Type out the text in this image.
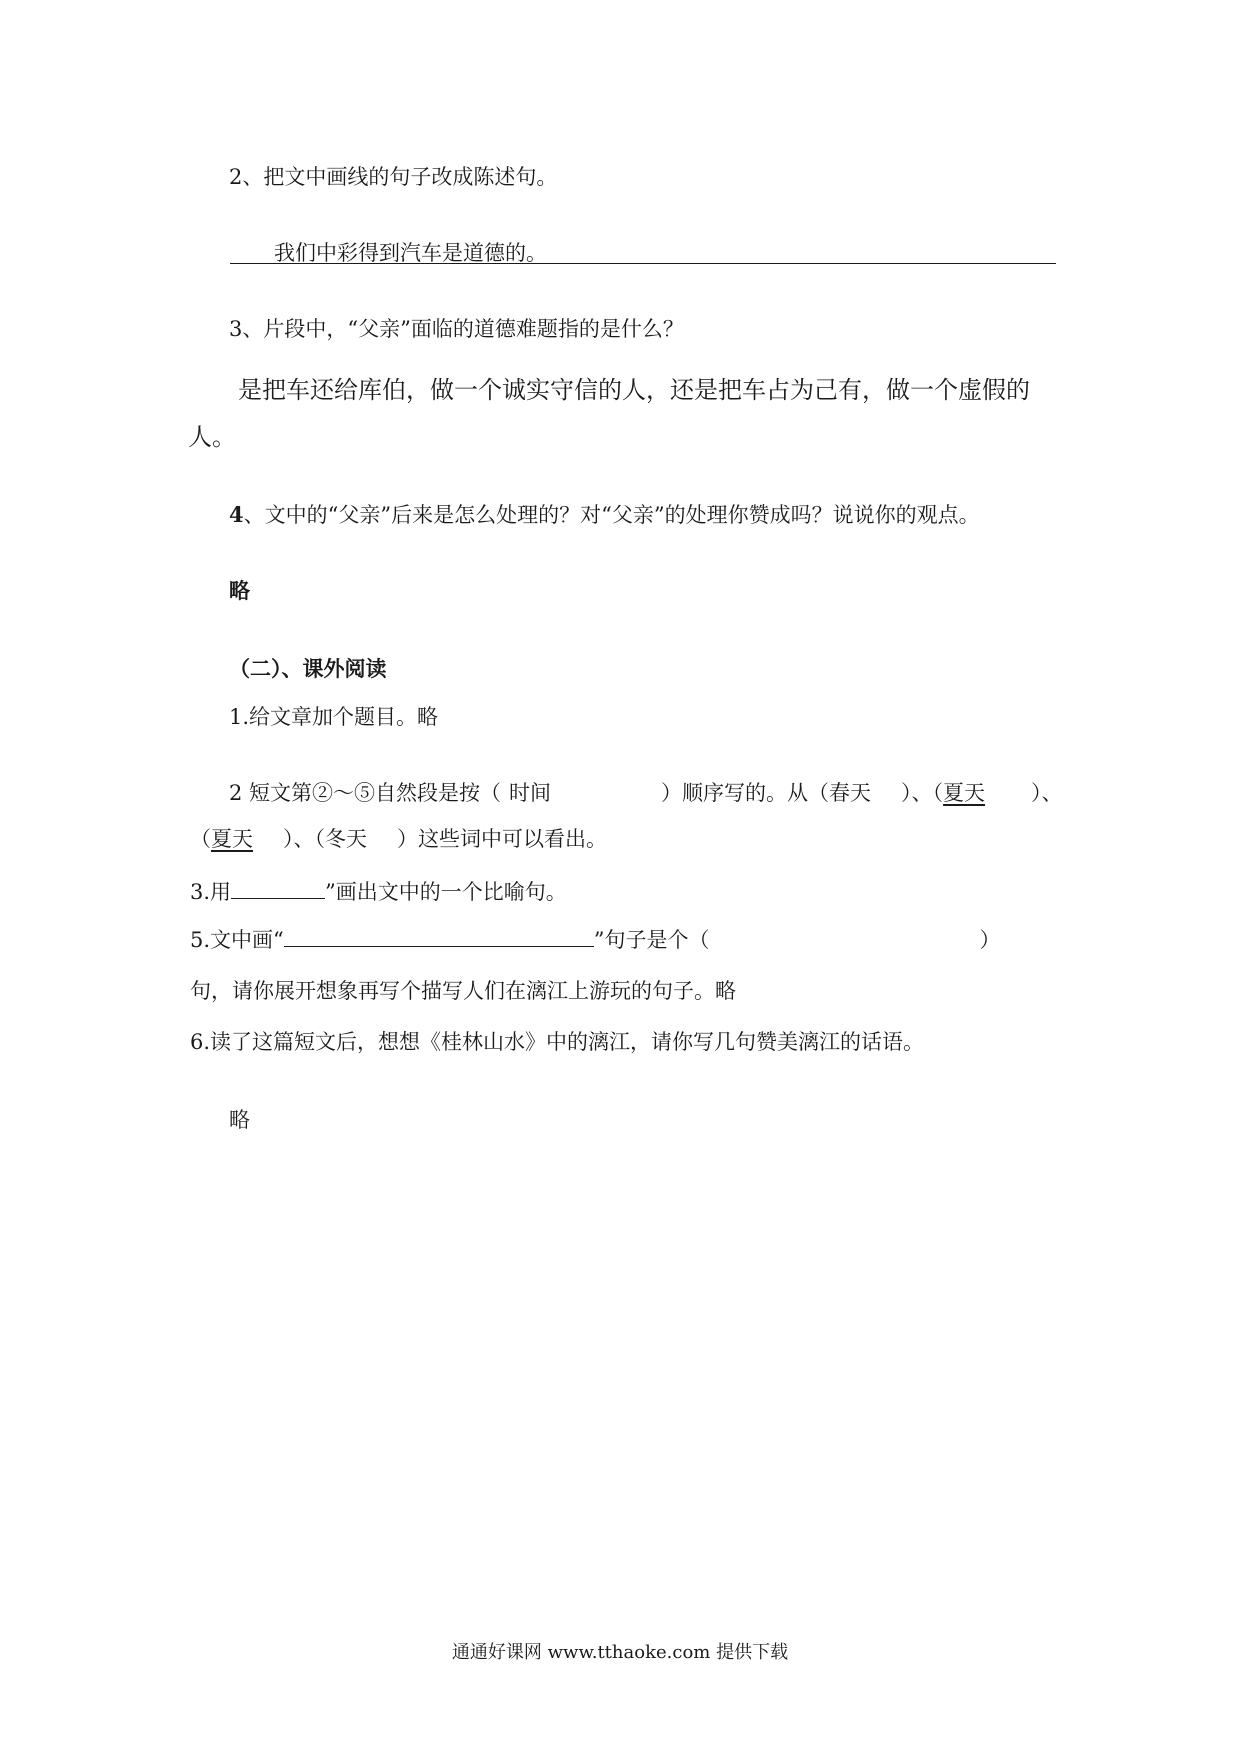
2、把文中画线的句子改成陈述句。
我们中彩得到汽车是道德的。
3、片段中，“父亲”面临的道德难题指的是什么？
是把车还给库伯，做一个诚实守信的人，还是把车占为己有，做一个虚假的
人。
4、文中的“父亲”后来是怎么处理的？对“父亲”的处理你赞成吗？说说你的观点。
略
（二）、课外阅读
1.给文章加个题目。略
2 短文第②～⑤自然段是按（ 时间	）顺序写的。从（春天 ）、（夏天 ）、
（夏天 ）、（冬天 ）这些词中可以看出。
3.用	”画出文中的一个比喻句。
5.文中画“	”句子是个（	）
句，请你展开想象再写个描写人们在漓江上游玩的句子。略
6.读了这篇短文后，想想《桂林山水》中的漓江，请你写几句赞美漓江的话语。
略
通通好课网 www.tthaoke.com 提供下载
